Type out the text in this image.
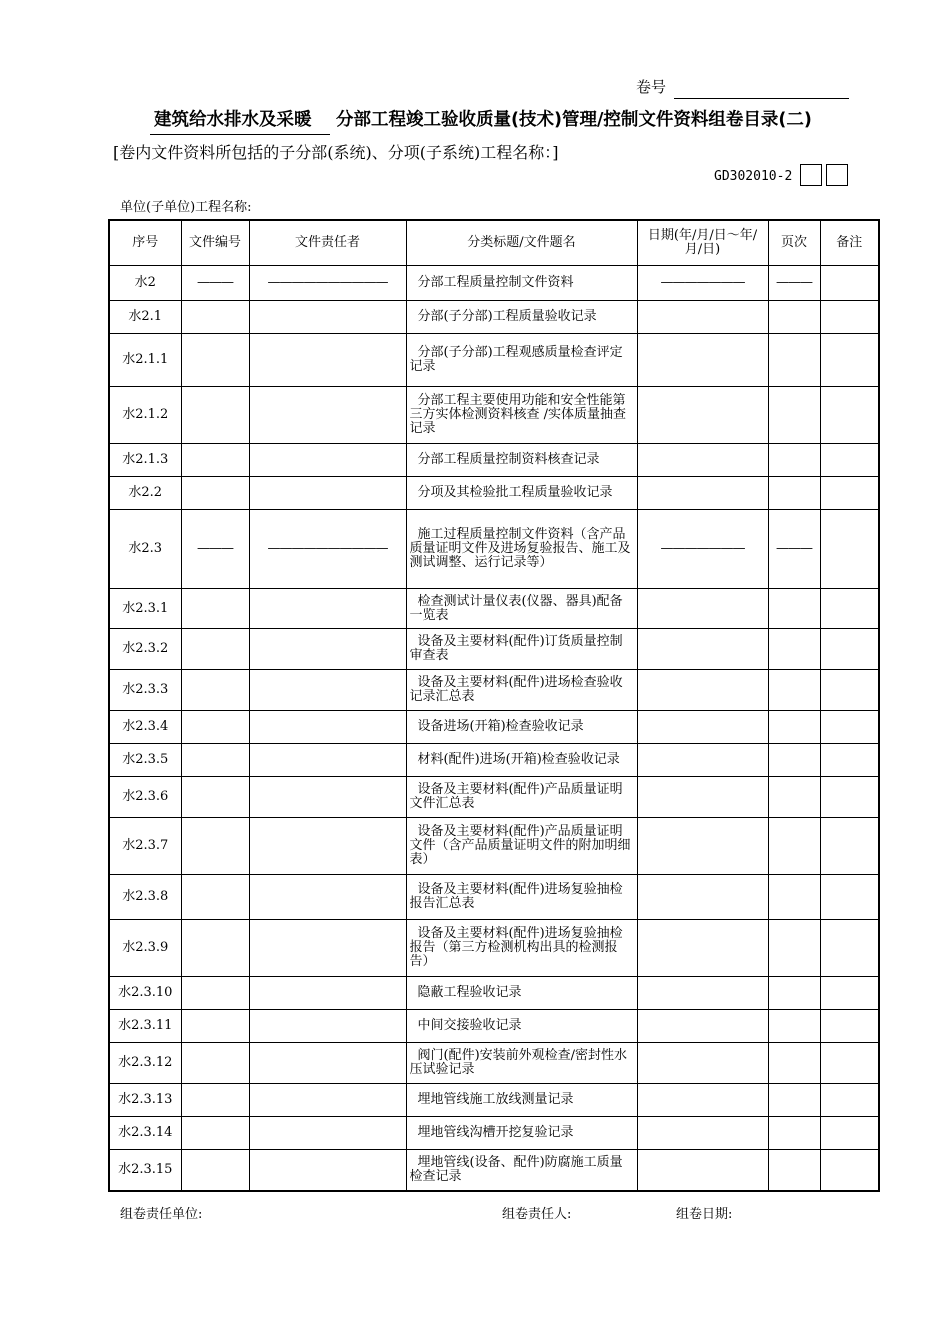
卷号
建筑给水排水及采暖 分部工程竣工验收质量(技术)管理/控制文件资料组卷目录(二)
[卷内文件资料所包括的子分部(系统)、分项(子系统)工程名称：]
GD302010-2
单位(子单位)工程名称:
序号	文件编号	文件责任者	分类标题/文件题名	日期(年/月/日～年/月/日)	页次	备注
水2	———	——————————	分部工程质量控制文件资料	———————	———	
水2.1			分部(子分部)工程质量验收记录			

水2.1.1			分部(子分部)工程观感质量检查评定记录			

水2.1.2			分部工程主要使用功能和安全性能第三方实体检测资料核查 /实体质量抽查记录			

水2.1.3			分部工程质量控制资料核查记录			

水2.2			分项及其检验批工程质量验收记录			

水2.3	———	——————————	施工过程质量控制文件资料（含产品质量证明文件及进场复验报告、施工及测试调整、运行记录等）	———————	———	
水2.3.1			检查测试计量仪表(仪器、器具)配备一览表			

水2.3.2			设备及主要材料(配件)订货质量控制审查表			

水2.3.3			设备及主要材料(配件)进场检查验收记录汇总表			

水2.3.4			设备进场(开箱)检查验收记录			

水2.3.5			材料(配件)进场(开箱)检查验收记录			

水2.3.6			设备及主要材料(配件)产品质量证明文件汇总表			

水2.3.7			设备及主要材料(配件)产品质量证明文件（含产品质量证明文件的附加明细表）			

水2.3.8			设备及主要材料(配件)进场复验抽检报告汇总表			

水2.3.9			设备及主要材料(配件)进场复验抽检报告（第三方检测机构出具的检测报告）			

水2.3.10			隐蔽工程验收记录			

水2.3.11			中间交接验收记录			

水2.3.12			阀门(配件)安装前外观检查/密封性水压试验记录			

水2.3.13			埋地管线施工放线测量记录			

水2.3.14			埋地管线沟槽开挖复验记录			

水2.3.15			埋地管线(设备、配件)防腐施工质量检查记录			

组卷责任单位:	组卷责任人:	组卷日期:
